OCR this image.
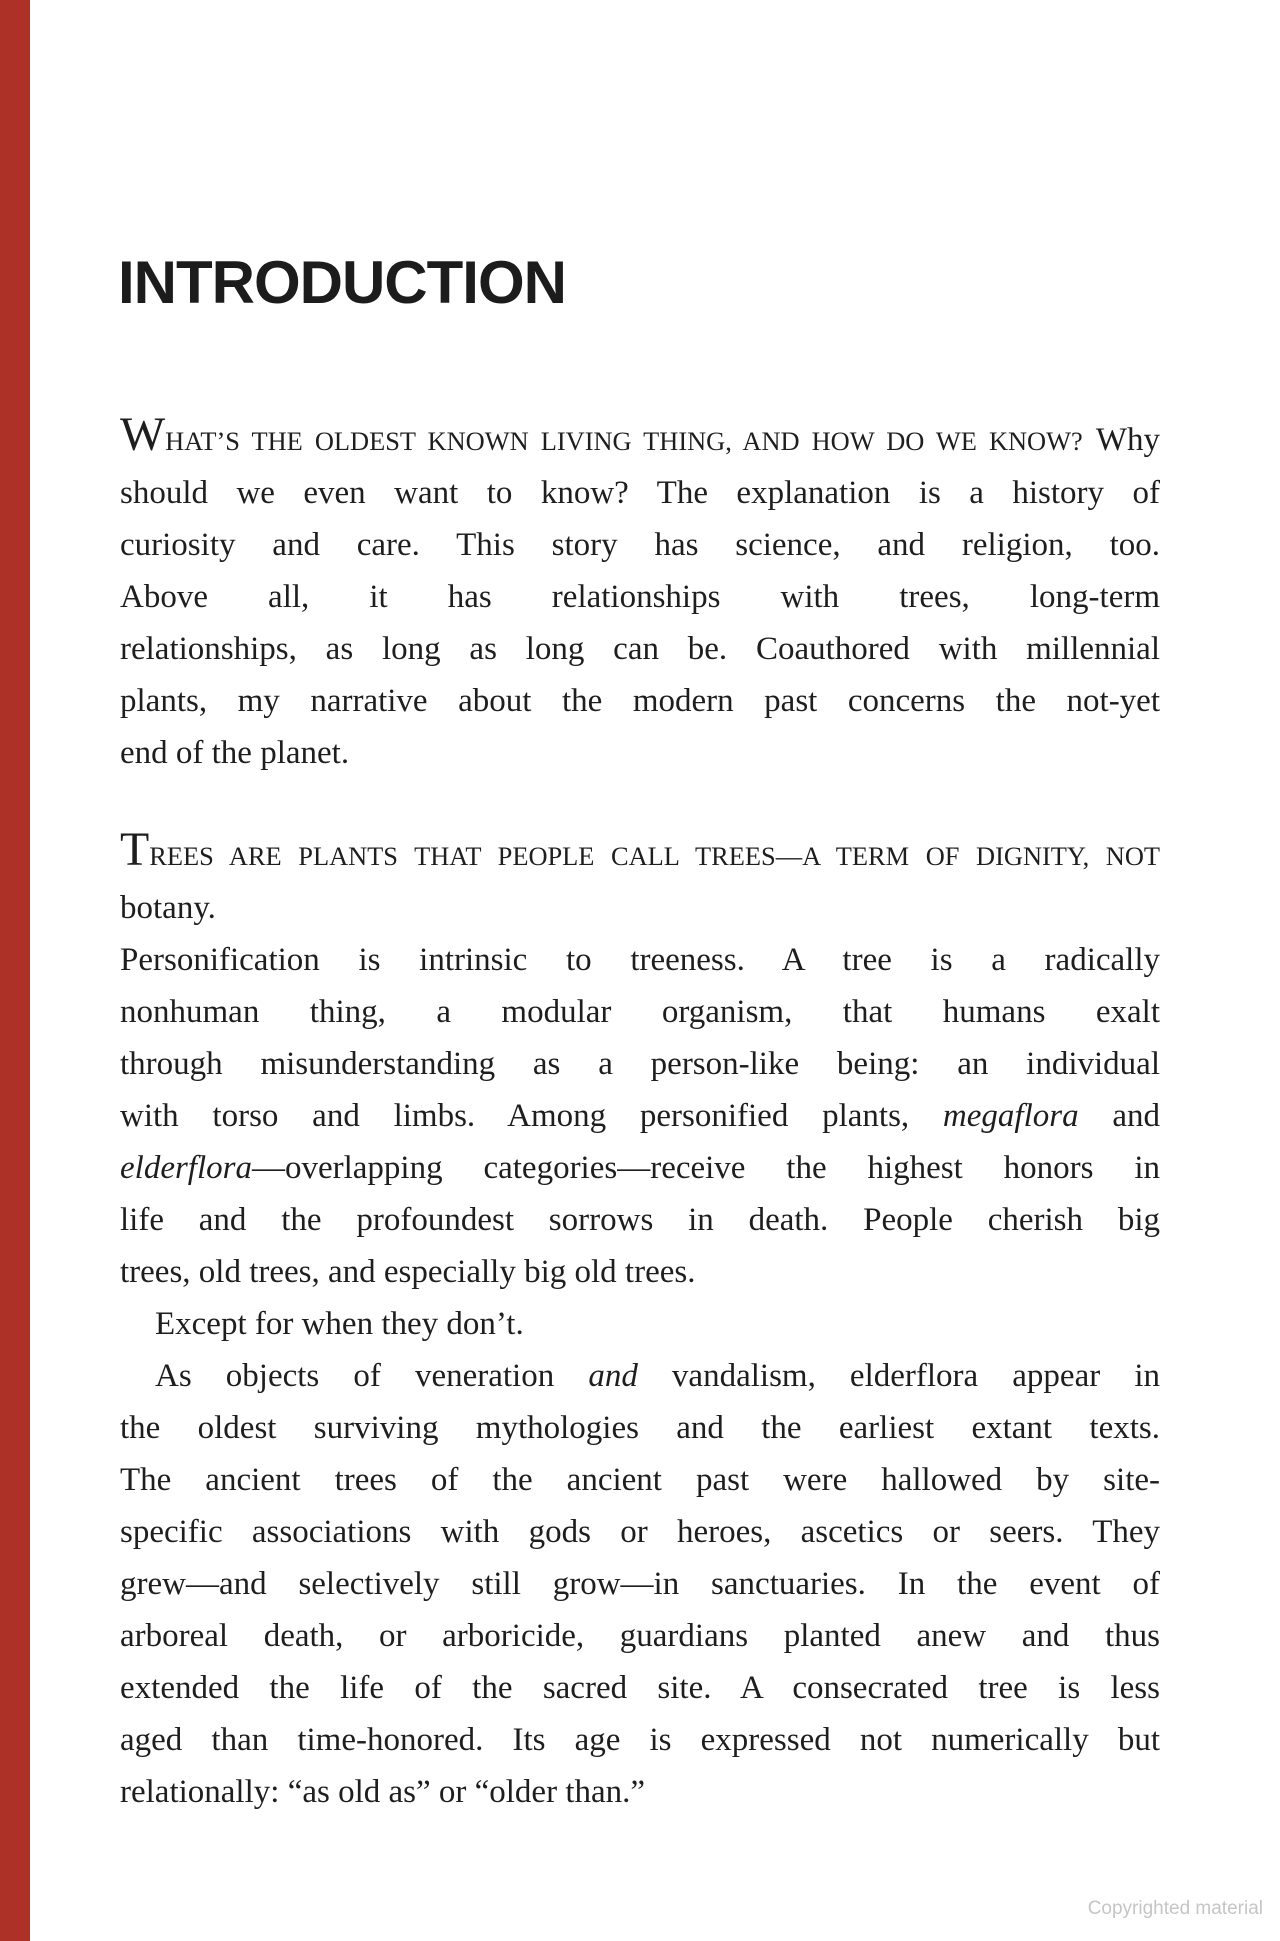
INTRODUCTION
WHAT’S THE OLDEST KNOWN LIVING THING, AND HOW DO WE KNOW? Why
should we even want to know? The explanation is a history of
curiosity and care. This story has science, and religion, too.
Above all, it has relationships with trees, long-term
relationships, as long as long can be. Coauthored with millennial
plants, my narrative about the modern past concerns the not-yet
end of the planet.
TREES ARE PLANTS THAT PEOPLE CALL TREES—A TERM OF DIGNITY, NOT botany.
Personification is intrinsic to treeness. A tree is a radically
nonhuman thing, a modular organism, that humans exalt
through misunderstanding as a person-like being: an individual
with torso and limbs. Among personified plants, megaflora and
elderflora—overlapping categories—receive the highest honors in
life and the profoundest sorrows in death. People cherish big
trees, old trees, and especially big old trees.
Except for when they don’t.
As objects of veneration and vandalism, elderflora appear in
the oldest surviving mythologies and the earliest extant texts.
The ancient trees of the ancient past were hallowed by site-
specific associations with gods or heroes, ascetics or seers. They
grew—and selectively still grow—in sanctuaries. In the event of
arboreal death, or arboricide, guardians planted anew and thus
extended the life of the sacred site. A consecrated tree is less
aged than time-honored. Its age is expressed not numerically but
relationally: “as old as” or “older than.”
Copyrighted material
